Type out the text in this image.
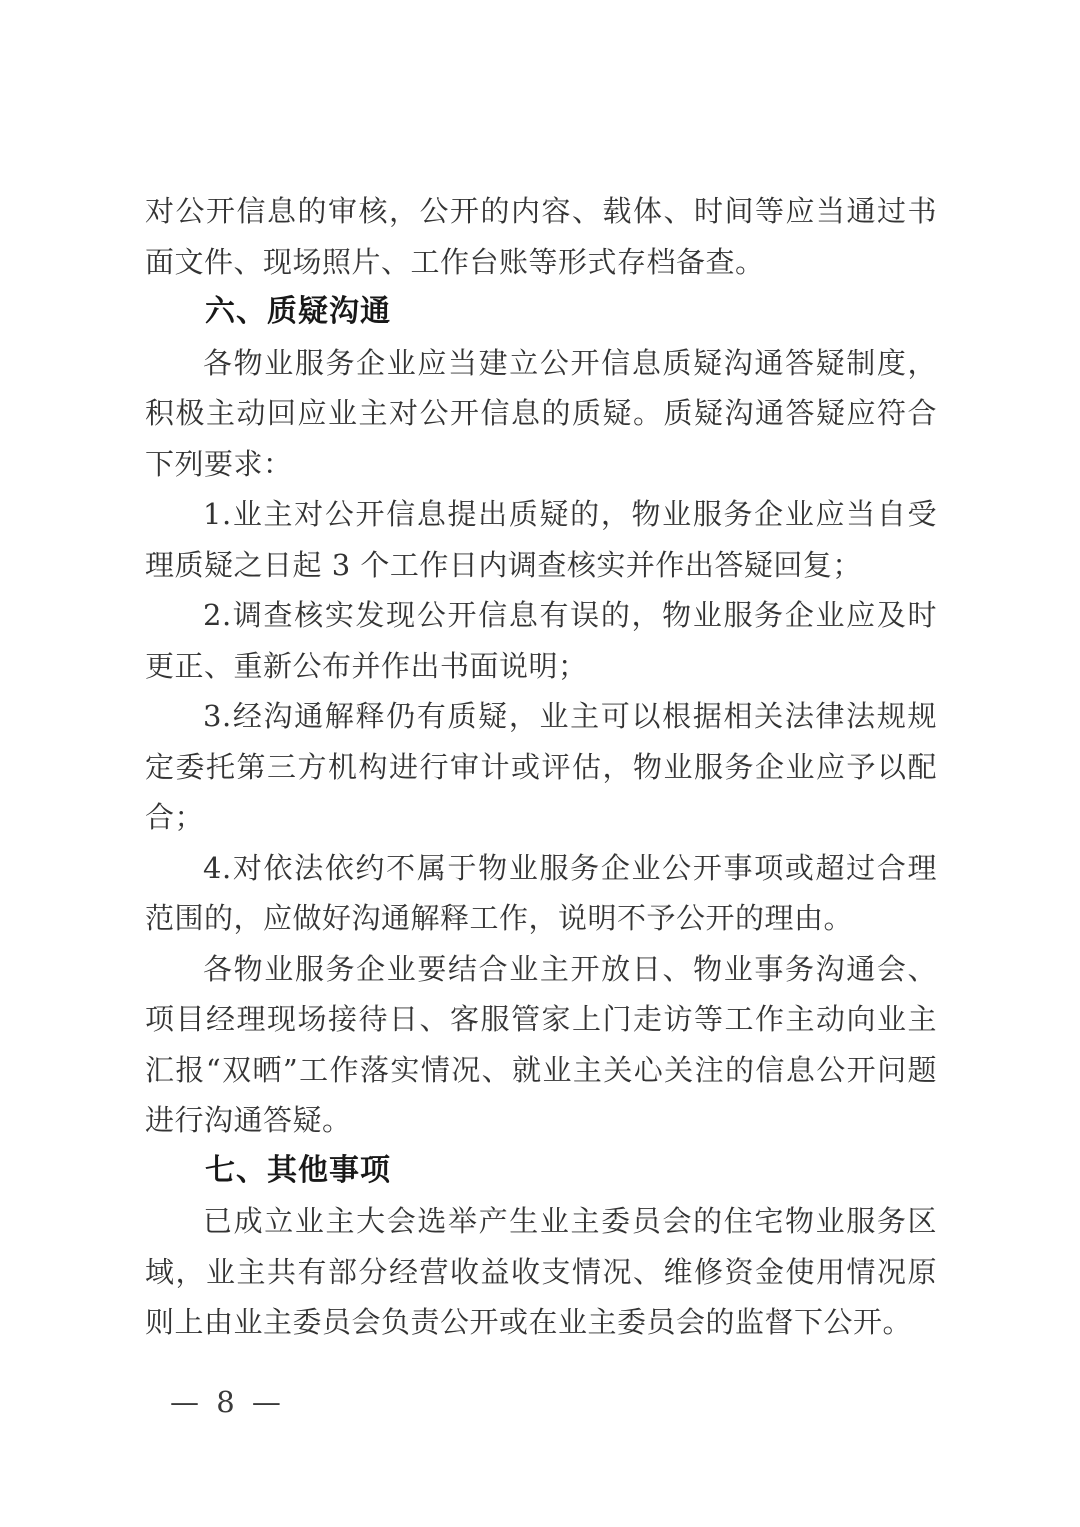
对公开信息的审核，公开的内容、载体、时间等应当通过书面文件、现场照片、工作台账等形式存档备查。

六、质疑沟通

各物业服务企业应当建立公开信息质疑沟通答疑制度，积极主动回应业主对公开信息的质疑。质疑沟通答疑应符合下列要求：

1.业主对公开信息提出质疑的，物业服务企业应当自受理质疑之日起 3 个工作日内调查核实并作出答疑回复；

2.调查核实发现公开信息有误的，物业服务企业应及时更正、重新公布并作出书面说明；

3.经沟通解释仍有质疑，业主可以根据相关法律法规规定委托第三方机构进行审计或评估，物业服务企业应予以配合；

4.对依法依约不属于物业服务企业公开事项或超过合理范围的，应做好沟通解释工作，说明不予公开的理由。

各物业服务企业要结合业主开放日、物业事务沟通会、项目经理现场接待日、客服管家上门走访等工作主动向业主汇报“双晒”工作落实情况、就业主关心关注的信息公开问题进行沟通答疑。

七、其他事项

已成立业主大会选举产生业主委员会的住宅物业服务区域，业主共有部分经营收益收支情况、维修资金使用情况原则上由业主委员会负责公开或在业主委员会的监督下公开。

— 8 —
